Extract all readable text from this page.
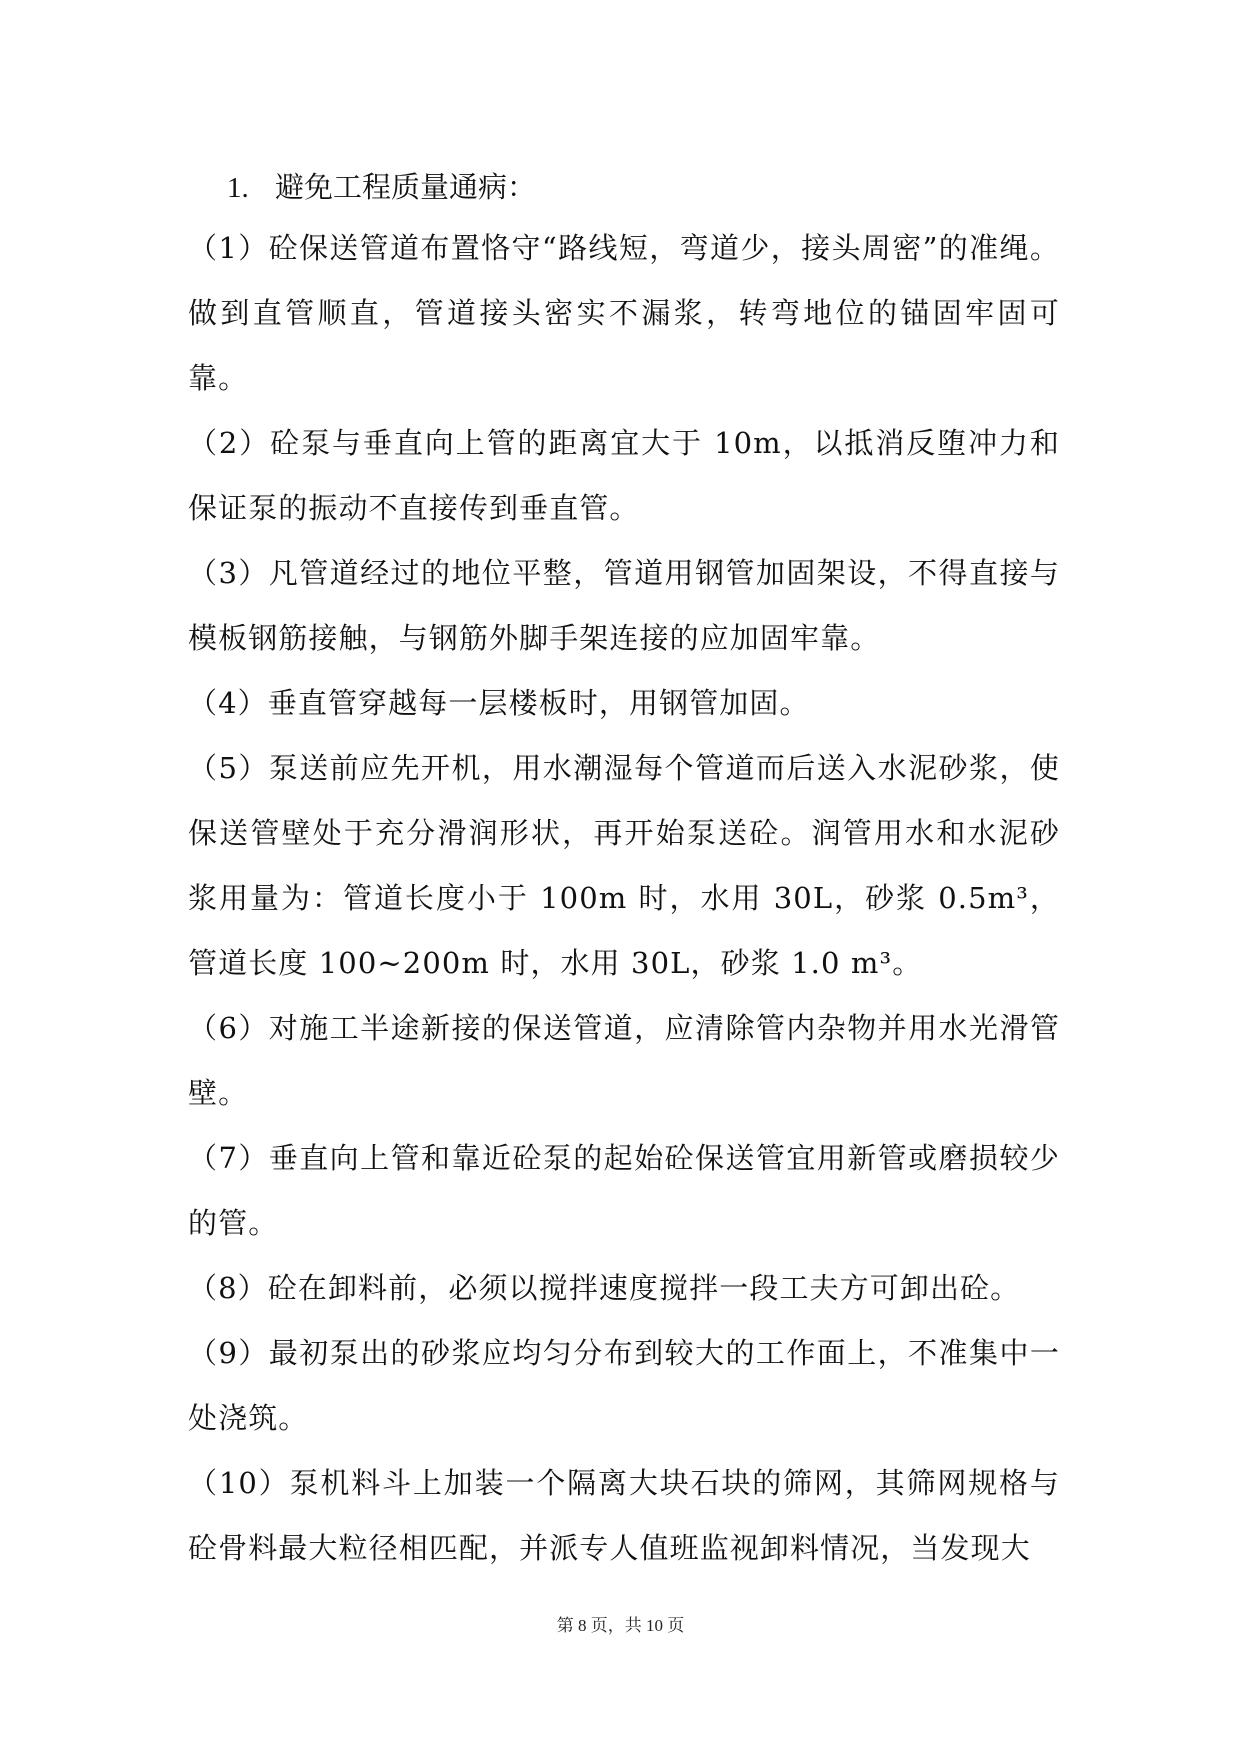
1. 避免工程质量通病：

（1）砼保送管道布置恪守“路线短，弯道少，接头周密”的准绳。做到直管顺直，管道接头密实不漏浆，转弯地位的锚固牢固可靠。

（2）砼泵与垂直向上管的距离宜大于 10m，以抵消反堕冲力和保证泵的振动不直接传到垂直管。

（3）凡管道经过的地位平整，管道用钢管加固架设，不得直接与模板钢筋接触，与钢筋外脚手架连接的应加固牢靠。

（4）垂直管穿越每一层楼板时，用钢管加固。

（5）泵送前应先开机，用水潮湿每个管道而后送入水泥砂浆，使保送管壁处于充分滑润形状，再开始泵送砼。润管用水和水泥砂浆用量为：管道长度小于 100m 时，水用 30L，砂浆 0.5m³，管道长度 100~200m 时，水用 30L，砂浆 1.0 m³。

（6）对施工半途新接的保送管道，应清除管内杂物并用水光滑管壁。

（7）垂直向上管和靠近砼泵的起始砼保送管宜用新管或磨损较少的管。

（8）砼在卸料前，必须以搅拌速度搅拌一段工夫方可卸出砼。

（9）最初泵出的砂浆应均匀分布到较大的工作面上，不准集中一处浇筑。

（10）泵机料斗上加装一个隔离大块石块的筛网，其筛网规格与砼骨料最大粒径相匹配，并派专人值班监视卸料情况，当发现大

第 8 页，共 10 页
